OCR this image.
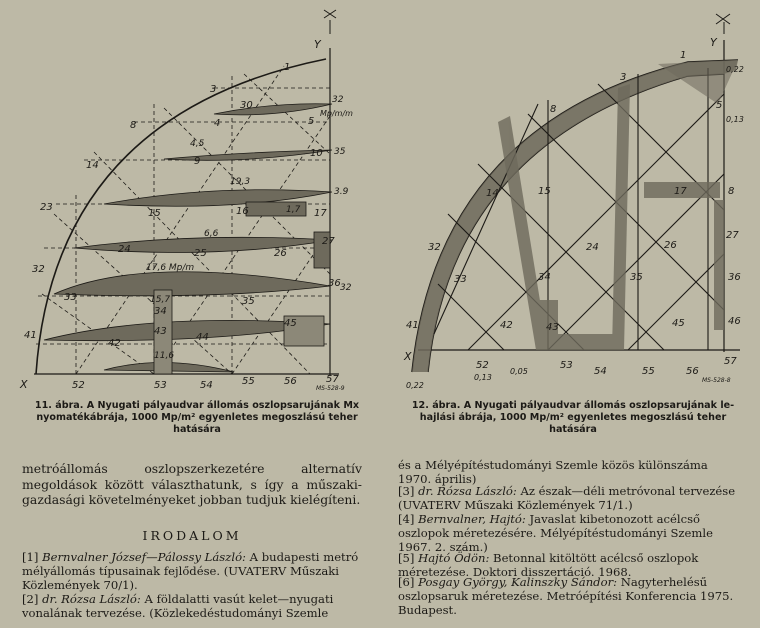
X
Y
1
3
30	32
4	5
Mp/m/m
8
4,5
9
10 35
14
19,3
3.9
15	16	1,7 17
23
6,6
24	25	26
27
32	17,6 Mp/m
36 32
33	15,7
34
35
41
42
43
44
45
11,6
52	53	54	55	56	57
MS-528-9
X
Y
1
0,22
3
5
0,13
8
8
14	15	17
24	26
27
32
33	34	35	36
41	42	43	45	46
52	53
54	55	56
57
0,22
0,13
0,05
MS-528-8
11. ábra. A Nyugati pályaudvar állomás oszlopsarujának Mx
nyomatékábrája, 1000 Mp/m² egyenletes megoszlású teher
hatására
12. ábra. A Nyugati pályaudvar állomás oszlopsarujának le-
hajlási ábrája, 1000 Mp/m² egyenletes megoszlású teher
hatására
metróállomás oszlopszerkezetére alternatív megoldások között választhatunk, s így a műszaki-gazdasági követelményeket jobban tudjuk kielégíteni.
IRODALOM
[1] Bernvalner József—Pálossy László: A budapesti metró mélyállomás típusainak fejlődése. (UVATERV Műszaki Közlemények 70/1).
[2] dr. Rózsa László: A földalatti vasút kelet—nyugati vonalának tervezése. (Közlekedéstudományi Szemle
és a Mélyépítéstudományi Szemle közös különszáma 1970. április)
[3] dr. Rózsa László: Az észak—déli metróvonal tervezése (UVATERV Műszaki Közlemények 71/1.)
[4] Bernvalner, Hajtó: Javaslat kibetonozott acélcső oszlopok méretezésére. Mélyépítéstudományi Szemle 1967. 2. szám.)
[5] Hajtó Ödön: Betonnal kitöltött acélcső oszlopok méretezése. Doktori disszertáció. 1968.
[6] Posgay György, Kalinszky Sándor: Nagyterhelésű oszlopsaruk méretezése. Metróépítési Konferencia 1975. Budapest.
